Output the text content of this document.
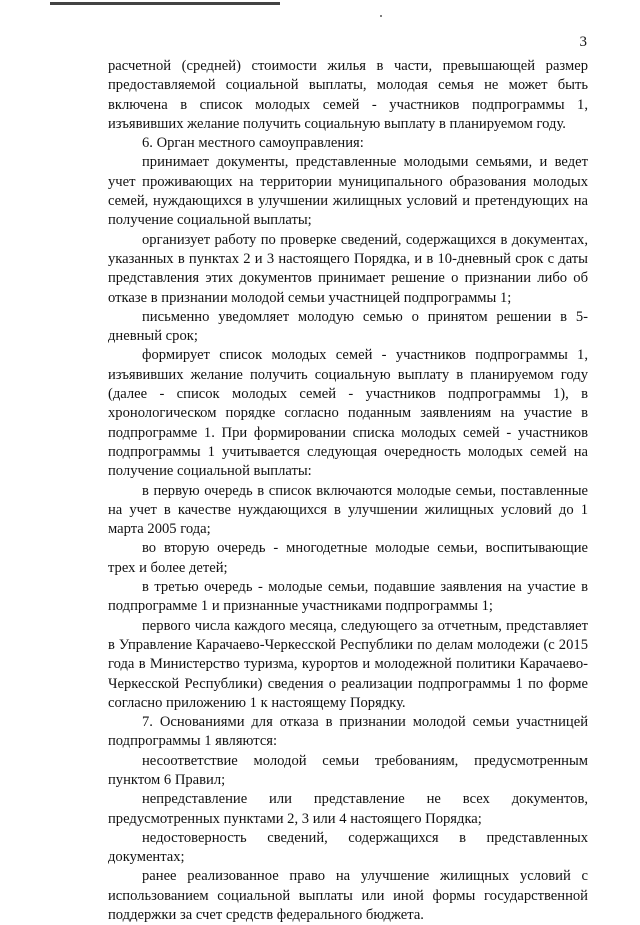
3

расчетной (средней) стоимости жилья в части, превышающей размер предоставляемой социальной выплаты, молодая семья не может быть включена в список молодых семей - участников подпрограммы 1, изъявивших желание получить социальную выплату в планируемом году.

6. Орган местного самоуправления:

принимает документы, представленные молодыми семьями, и ведет учет проживающих на территории муниципального образования молодых семей, нуждающихся в улучшении жилищных условий и претендующих на получение социальной выплаты;

организует работу по проверке сведений, содержащихся в документах, указанных в пунктах 2 и 3 настоящего Порядка, и в 10-дневный срок с даты представления этих документов принимает решение о признании либо об отказе в признании молодой семьи участницей подпрограммы 1;

письменно уведомляет молодую семью о принятом решении в 5-дневный срок;

формирует список молодых семей - участников подпрограммы 1, изъявивших желание получить социальную выплату в планируемом году (далее - список молодых семей - участников подпрограммы 1), в хронологическом порядке согласно поданным заявлениям на участие в подпрограмме 1. При формировании списка молодых семей - участников подпрограммы 1 учитывается следующая очередность молодых семей на получение социальной выплаты:

в первую очередь в список включаются молодые семьи, поставленные на учет в качестве нуждающихся в улучшении жилищных условий до 1 марта 2005 года;

во вторую очередь - многодетные молодые семьи, воспитывающие трех и более детей;

в третью очередь - молодые семьи, подавшие заявления на участие в подпрограмме 1 и признанные участниками подпрограммы 1;

первого числа каждого месяца, следующего за отчетным, представляет в Управление Карачаево-Черкесской Республики по делам молодежи (с 2015 года в Министерство туризма, курортов и молодежной политики Карачаево-Черкесской Республики) сведения о реализации подпрограммы 1 по форме согласно приложению 1 к настоящему Порядку.

7. Основаниями для отказа в признании молодой семьи участницей подпрограммы 1 являются:

несоответствие молодой семьи требованиям, предусмотренным пунктом 6 Правил;

непредставление или представление не всех документов, предусмотренных пунктами 2, 3 или 4 настоящего Порядка;

недостоверность сведений, содержащихся в представленных документах;

ранее реализованное право на улучшение жилищных условий с использованием социальной выплаты или иной формы государственной поддержки за счет средств федерального бюджета.
